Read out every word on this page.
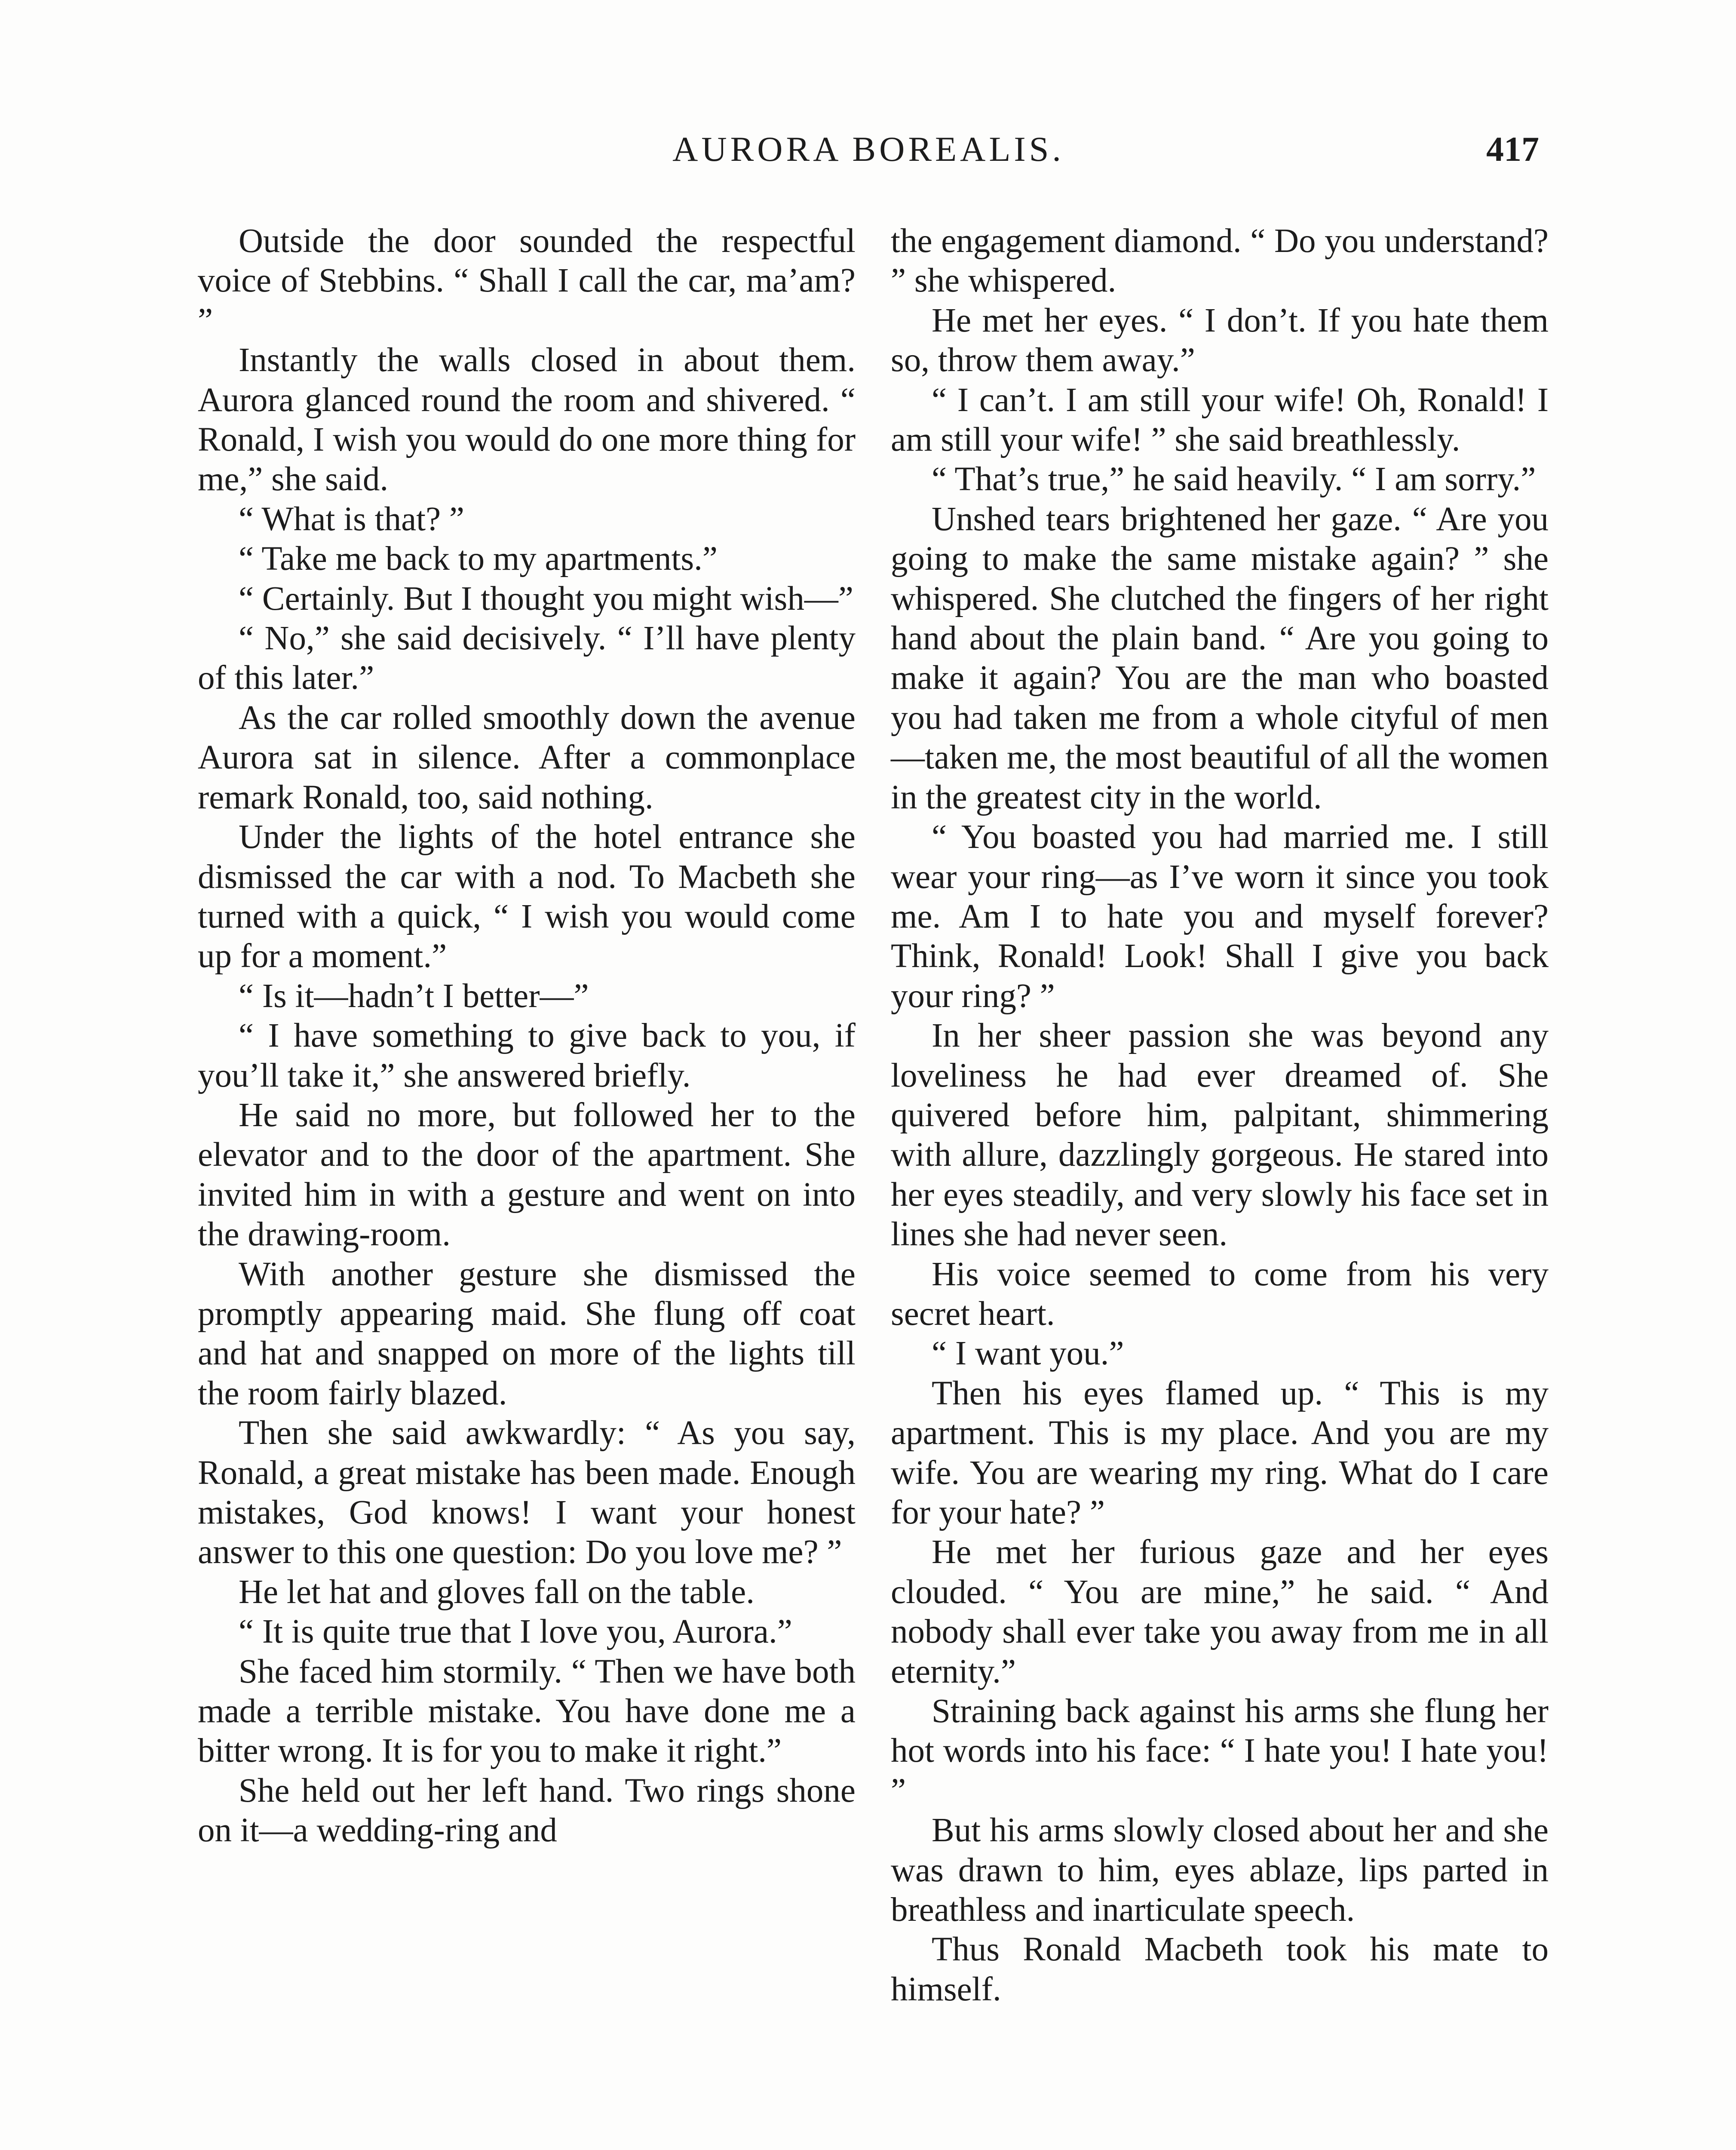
AURORA BOREALIS.	417

Outside the door sounded the respectful voice of Stebbins. “ Shall I call the car, ma’am? ”

Instantly the walls closed in about them. Aurora glanced round the room and shivered. “ Ronald, I wish you would do one more thing for me,” she said.

“ What is that? ”

“ Take me back to my apartments.”

“ Certainly. But I thought you might wish—”

“ No,” she said decisively. “ I’ll have plenty of this later.”

As the car rolled smoothly down the avenue Aurora sat in silence. After a commonplace remark Ronald, too, said nothing.

Under the lights of the hotel entrance she dismissed the car with a nod. To Macbeth she turned with a quick, “ I wish you would come up for a moment.”

“ Is it—hadn’t I better—”

“ I have something to give back to you, if you’ll take it,” she answered briefly.

He said no more, but followed her to the elevator and to the door of the apartment. She invited him in with a gesture and went on into the drawing-room.

With another gesture she dismissed the promptly appearing maid. She flung off coat and hat and snapped on more of the lights till the room fairly blazed.

Then she said awkwardly: “ As you say, Ronald, a great mistake has been made. Enough mistakes, God knows! I want your honest answer to this one question: Do you love me? ”

He let hat and gloves fall on the table.

“ It is quite true that I love you, Aurora.”

She faced him stormily. “ Then we have both made a terrible mistake. You have done me a bitter wrong. It is for you to make it right.”

She held out her left hand. Two rings shone on it—a wedding-ring and

the engagement diamond. “ Do you understand? ” she whispered.

He met her eyes. “ I don’t. If you hate them so, throw them away.”

“ I can’t. I am still your wife! Oh, Ronald! I am still your wife! ” she said breathlessly.

“ That’s true,” he said heavily. “ I am sorry.”

Unshed tears brightened her gaze. “ Are you going to make the same mistake again? ” she whispered. She clutched the fingers of her right hand about the plain band. “ Are you going to make it again? You are the man who boasted you had taken me from a whole cityful of men—taken me, the most beautiful of all the women in the greatest city in the world.

“ You boasted you had married me. I still wear your ring—as I’ve worn it since you took me. Am I to hate you and myself forever? Think, Ronald! Look! Shall I give you back your ring? ”

In her sheer passion she was beyond any loveliness he had ever dreamed of. She quivered before him, palpitant, shimmering with allure, dazzlingly gorgeous. He stared into her eyes steadily, and very slowly his face set in lines she had never seen.

His voice seemed to come from his very secret heart.

“ I want you.”

Then his eyes flamed up. “ This is my apartment. This is my place. And you are my wife. You are wearing my ring. What do I care for your hate? ”

He met her furious gaze and her eyes clouded. “ You are mine,” he said. “ And nobody shall ever take you away from me in all eternity.”

Straining back against his arms she flung her hot words into his face: “ I hate you! I hate you! ”

But his arms slowly closed about her and she was drawn to him, eyes ablaze, lips parted in breathless and inarticulate speech.

Thus Ronald Macbeth took his mate to himself.
